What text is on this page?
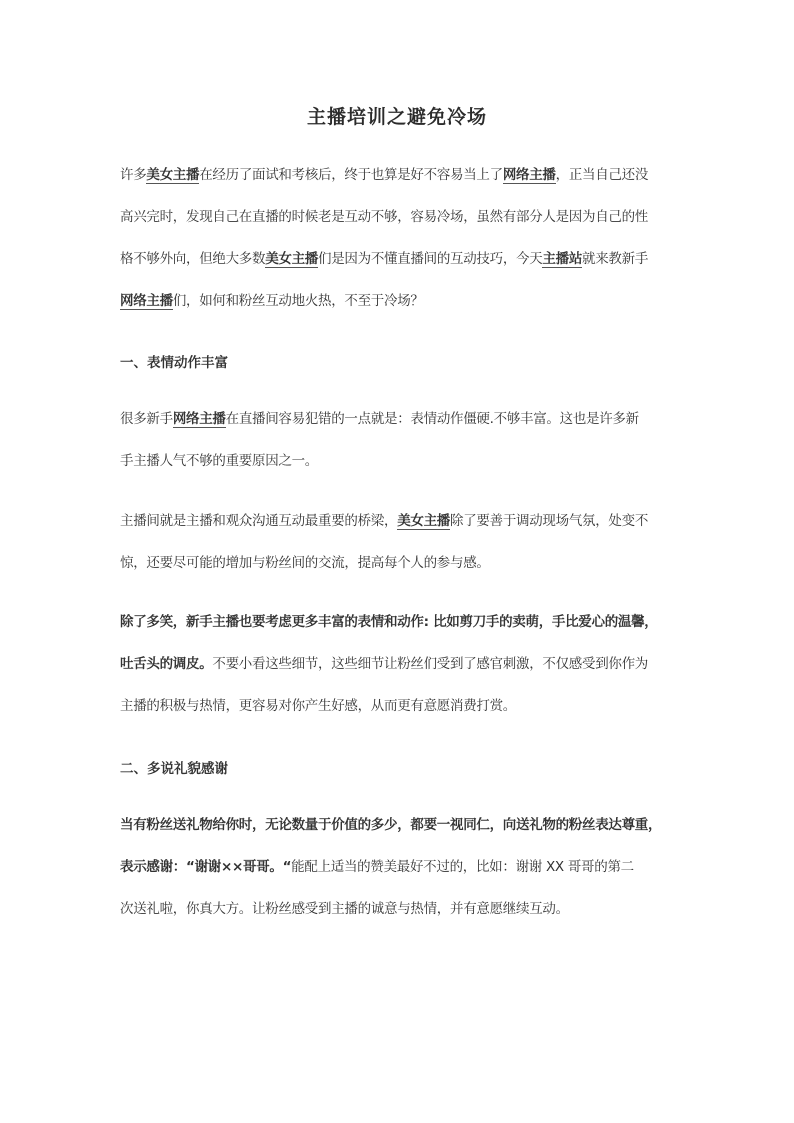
主播培训之避免冷场
许多美女主播在经历了面试和考核后，终于也算是好不容易当上了网络主播，正当自己还没
高兴完时，发现自己在直播的时候老是互动不够，容易冷场，虽然有部分人是因为自己的性
格不够外向，但绝大多数美女主播们是因为不懂直播间的互动技巧，今天主播站就来教新手
网络主播们，如何和粉丝互动地火热，不至于冷场？
一、表情动作丰富
很多新手网络主播在直播间容易犯错的一点就是：表情动作僵硬.不够丰富。这也是许多新
手主播人气不够的重要原因之一。
主播间就是主播和观众沟通互动最重要的桥梁，美女主播除了要善于调动现场气氛，处变不
惊，还要尽可能的增加与粉丝间的交流，提高每个人的参与感。
除了多笑，新手主播也要考虑更多丰富的表情和动作: 比如剪刀手的卖萌，手比爱心的温馨，
吐舌头的调皮。不要小看这些细节，这些细节让粉丝们受到了感官刺激，不仅感受到你作为
主播的积极与热情，更容易对你产生好感，从而更有意愿消费打赏。
二、多说礼貌感谢
当有粉丝送礼物给你时，无论数量于价值的多少，都要一视同仁，向送礼物的粉丝表达尊重，
表示感谢：“谢谢××哥哥。“能配上适当的赞美最好不过的，比如：谢谢 XX 哥哥的第二
次送礼啦，你真大方。让粉丝感受到主播的诚意与热情，并有意愿继续互动。
